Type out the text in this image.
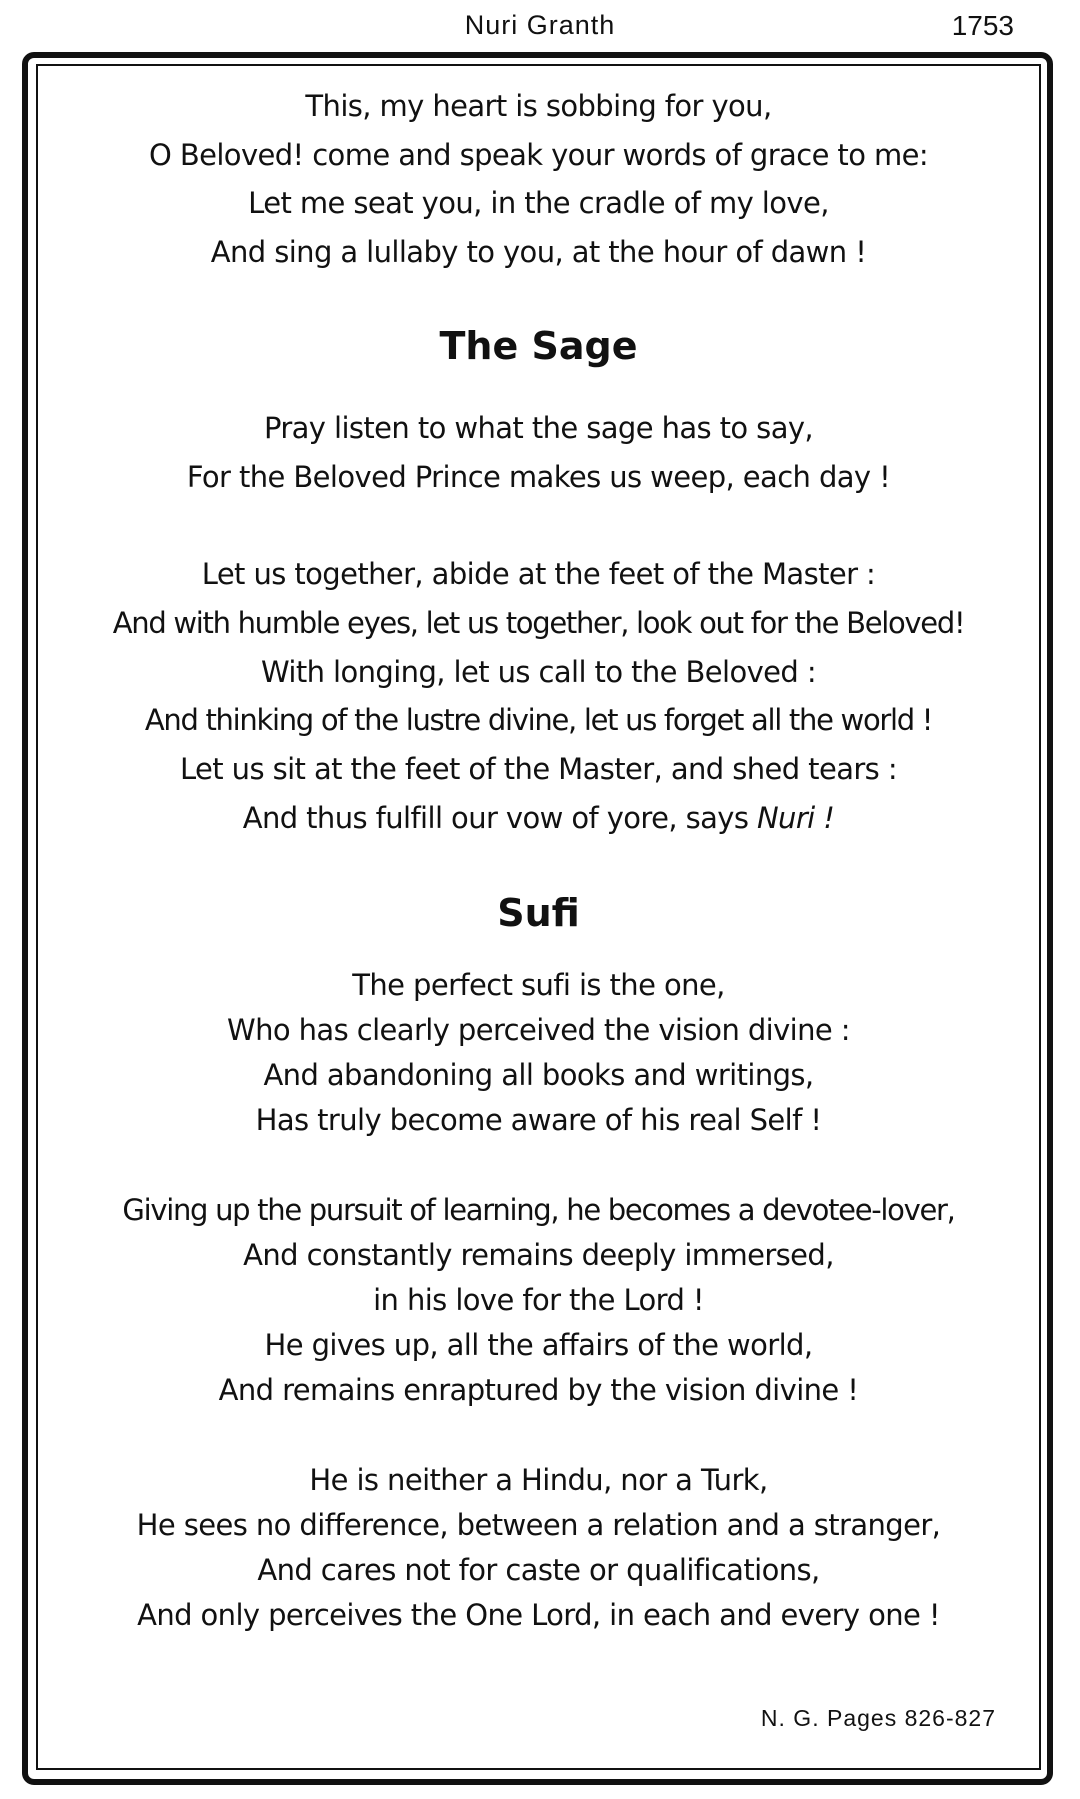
Nuri Granth	1753
This, my heart is sobbing for you,
O Beloved! come and speak your words of grace to me:
Let me seat you, in the cradle of my love,
And sing a lullaby to you, at the hour of dawn !
The Sage
Pray listen to what the sage has to say,
For the Beloved Prince makes us weep, each day !
Let us together, abide at the feet of the Master :
And with humble eyes, let us together, look out for the Beloved!
With longing, let us call to the Beloved :
And thinking of the lustre divine, let us forget all the world !
Let us sit at the feet of the Master, and shed tears :
And thus fulfill our vow of yore, says Nuri !
Sufi
The perfect sufi is the one,
Who has clearly perceived the vision divine :
And abandoning all books and writings,
Has truly become aware of his real Self !
Giving up the pursuit of learning, he becomes a devotee-lover,
And constantly remains deeply immersed,
in his love for the Lord !
He gives up, all the affairs of the world,
And remains enraptured by the vision divine !
He is neither a Hindu, nor a Turk,
He sees no difference, between a relation and a stranger,
And cares not for caste or qualifications,
And only perceives the One Lord, in each and every one !
N. G. Pages 826-827
